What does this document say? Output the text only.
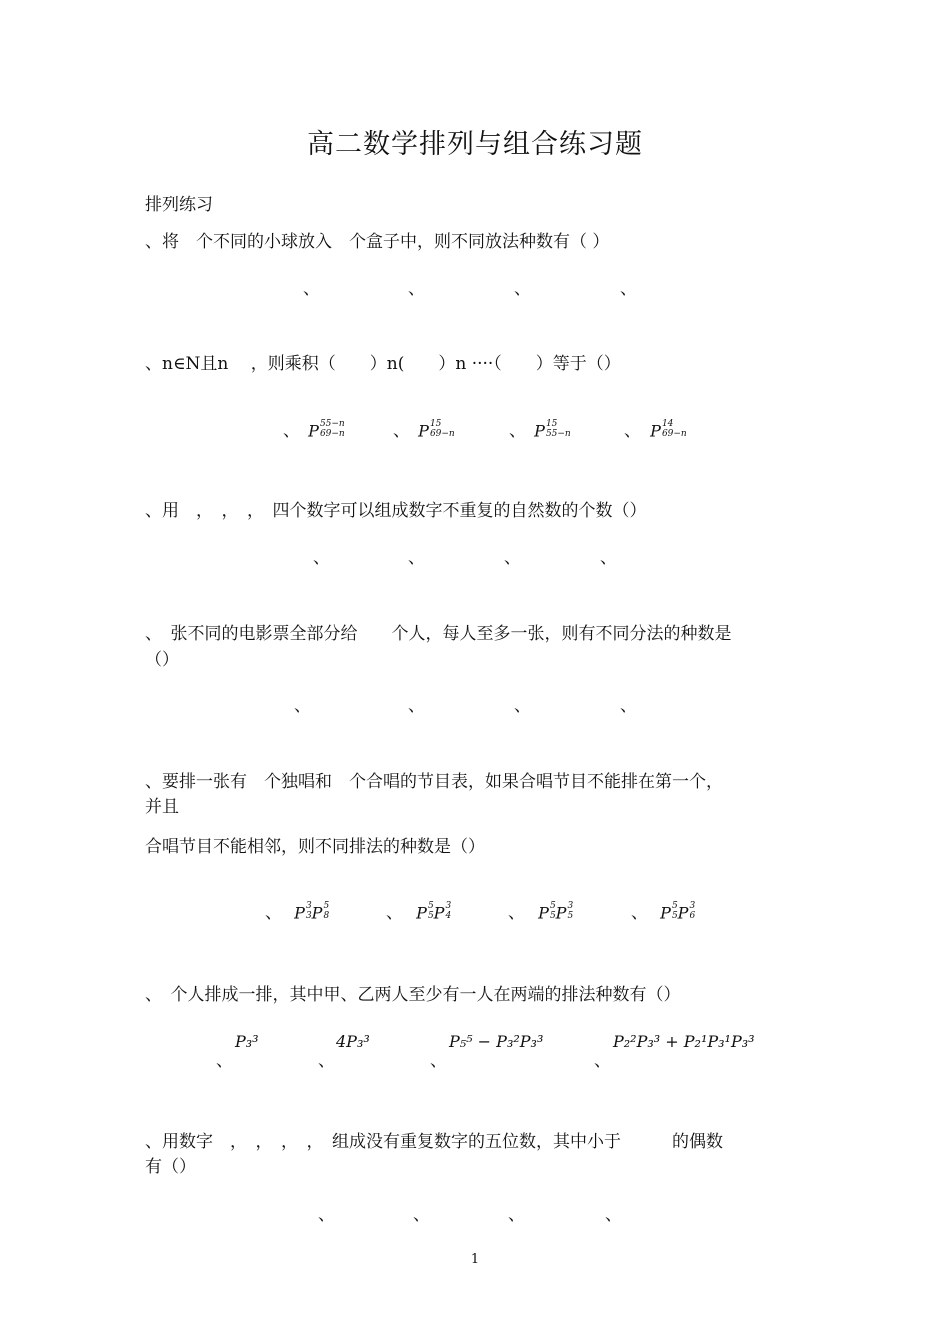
高二数学排列与组合练习题
排列练习
、将　个不同的小球放入　个盒子中，则不同放法种数有（ ）
、	、	、	、
、n∈N且n　 ，则乘积（　　）n(　　）n ····（　　）等于（）
、 P 55−n
69−n	、 P 15
69−n	、 P 15
55−n	、 P 14
69−n

、用　，　，　，　四个数字可以组成数字不重复的自然数的个数（）
、	、	、	、
、　张不同的电影票全部分给　　个人，每人至多一张，则有不同分法的种数是
（）
、	、	、	、
、要排一张有　个独唱和　个合唱的节目表，如果合唱节目不能排在第一个，
并且
合唱节目不能相邻，则不同排法的种数是（）
、 P 3
3 P 5
8	、 P 5
5 P 3
4	、 P 5
5 P 3
5	、 P 5
5 P 3
6

、　个人排成一排，其中甲、乙两人至少有一人在两端的排法种数有（）
、
P₃³
、
4P₃³
、
P₅⁵ − P₃²P₃³
、
P₂²P₃³ + P₂¹P₃¹P₃³
、用数字　，　，　，　，　组成没有重复数字的五位数，其中小于　　　的偶数
有（）
、	、	、	、
1
